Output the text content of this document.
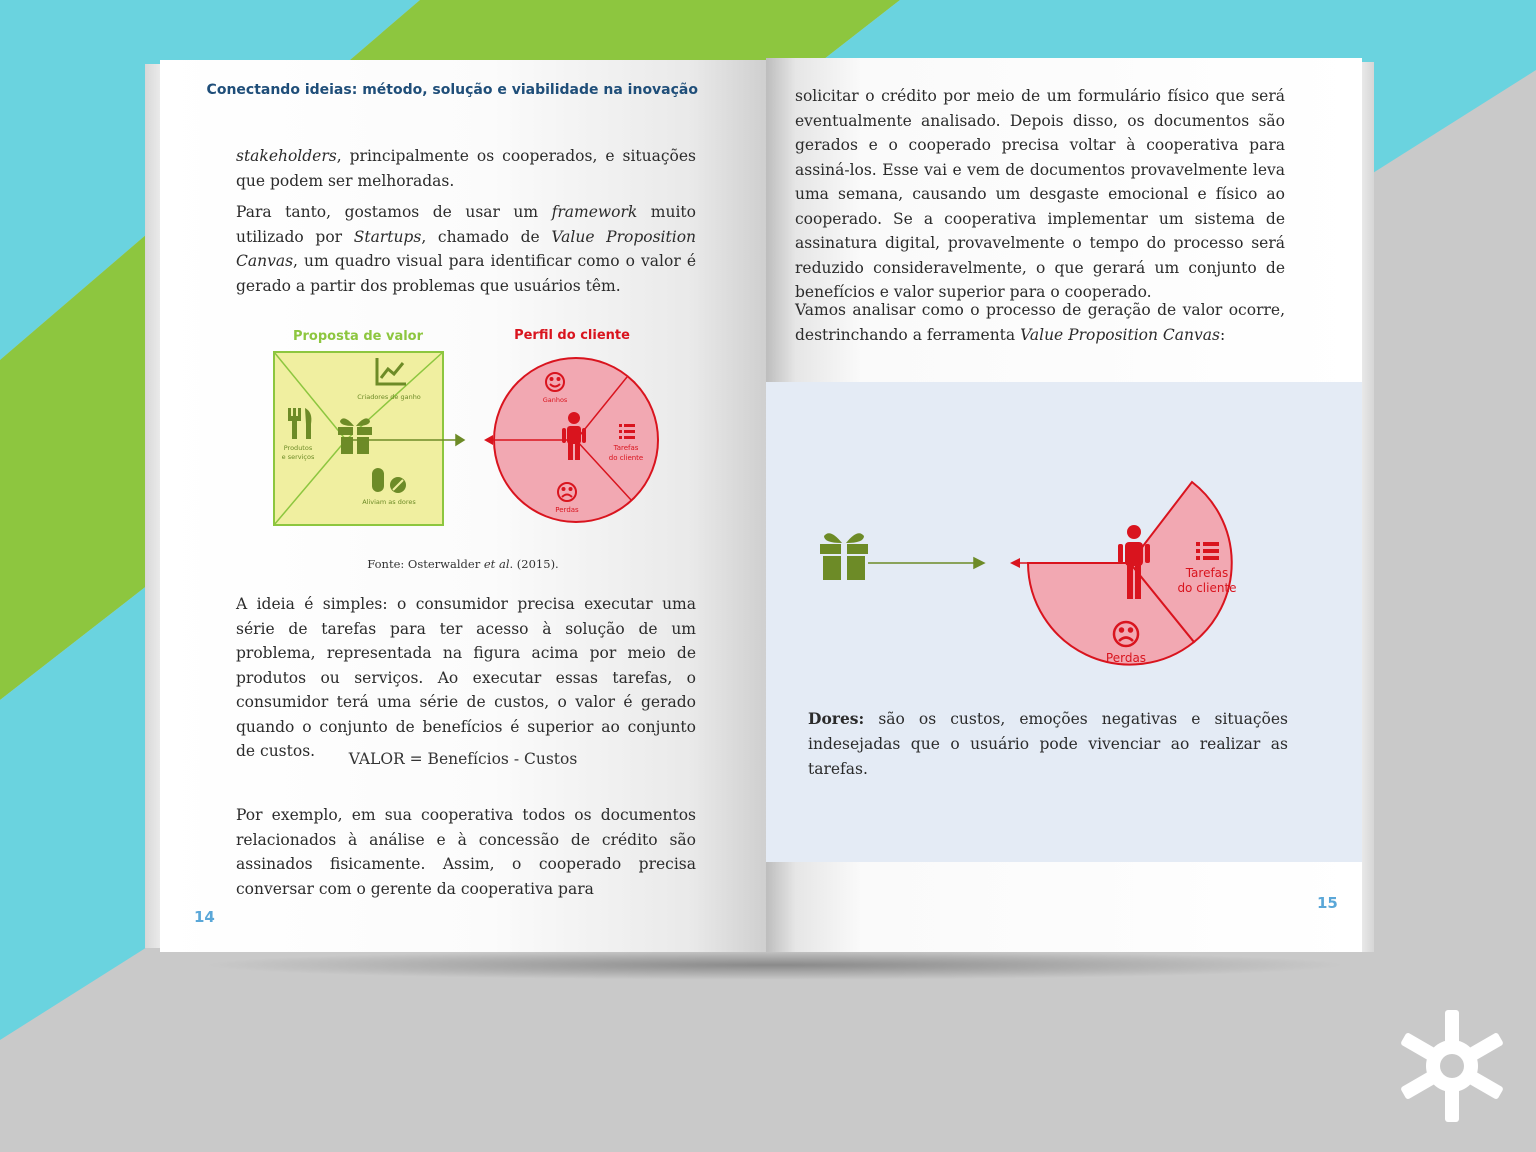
Conectando ideias: método, solução e viabilidade na inovação

stakeholders, principalmente os cooperados, e situações que podem ser melhoradas.

Para tanto, gostamos de usar um framework muito utilizado por Startups, chamado de Value Proposition Canvas, um quadro visual para identificar como o valor é gerado a partir dos problemas que usuários têm.

Proposta de valor	Perfil do cliente
Criadores de ganho
Produtos
e serviços
Aliviam as dores
Ganhos
Tarefas
do cliente
Perdas
Fonte: Osterwalder et al. (2015).

A ideia é simples: o consumidor precisa executar uma série de tarefas para ter acesso à solução de um problema, representada na figura acima por meio de produtos ou serviços. Ao executar essas tarefas, o consumidor terá uma série de custos, o valor é gerado quando o conjunto de benefícios é superior ao conjunto de custos.	VALOR = Benefícios - Custos

Por exemplo, em sua cooperativa todos os documentos relacionados à análise e à concessão de crédito são assinados fisicamente. Assim, o cooperado precisa conversar com o gerente da cooperativa para

14

solicitar o crédito por meio de um formulário físico que será eventualmente analisado. Depois disso, os documentos são gerados e o cooperado precisa voltar à cooperativa para assiná-los. Esse vai e vem de documentos provavelmente leva uma semana, causando um desgaste emocional e físico ao cooperado. Se a cooperativa implementar um sistema de assinatura digital, provavelmente o tempo do processo será reduzido consideravelmente, o que gerará um conjunto de benefícios e valor superior para o cooperado.

Vamos analisar como o processo de geração de valor ocorre, destrinchando a ferramenta Value Proposition Canvas:

Tarefas
do cliente
Perdas

Dores: são os custos, emoções negativas e situações indesejadas que o usuário pode vivenciar ao realizar as tarefas.

15
